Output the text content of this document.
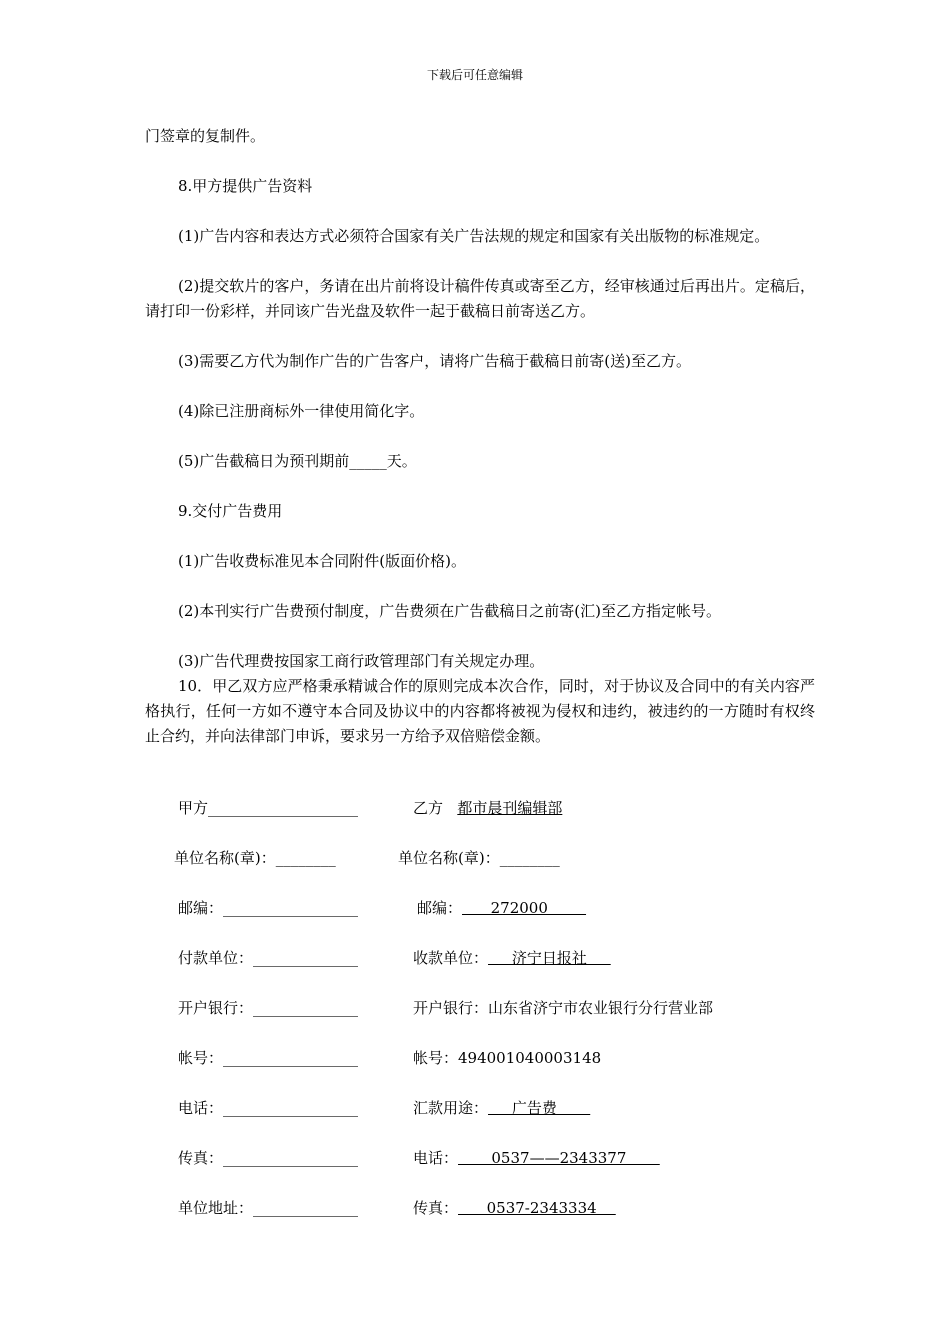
下载后可任意编辑

门签章的复制件。

8.甲方提供广告资料

(1)广告内容和表达方式必须符合国家有关广告法规的规定和国家有关出版物的标准规定。

(2)提交软片的客户，务请在出片前将设计稿件传真或寄至乙方，经审核通过后再出片。定稿后，请打印一份彩样，并同该广告光盘及软件一起于截稿日前寄送乙方。

(3)需要乙方代为制作广告的广告客户，请将广告稿于截稿日前寄(送)至乙方。

(4)除已注册商标外一律使用简化字。

(5)广告截稿日为预刊期前_____天。

9.交付广告费用

(1)广告收费标准见本合同附件(版面价格)。

(2)本刊实行广告费预付制度，广告费须在广告截稿日之前寄(汇)至乙方指定帐号。

(3)广告代理费按国家工商行政管理部门有关规定办理。

10．甲乙双方应严格秉承精诚合作的原则完成本次合作，同时，对于协议及合同中的有关内容严格执行，任何一方如不遵守本合同及协议中的内容都将被视为侵权和违约，被违约的一方随时有权终止合约，并向法律部门申诉，要求另一方给予双倍赔偿金额。

甲方____________________	乙方   都市晨刊编辑部
单位名称(章)：________	单位名称(章)：________
邮编：__________________	邮编：      272000
付款单位：______________	收款单位：     济宁日报社
开户银行：______________	开户银行：山东省济宁市农业银行分行营业部
帐号：__________________	帐号：494001040003148
电话：__________________	汇款用途：     广告费
传真：__________________	电话：       0537——2343377
单位地址：______________	传真：      0537-2343334
